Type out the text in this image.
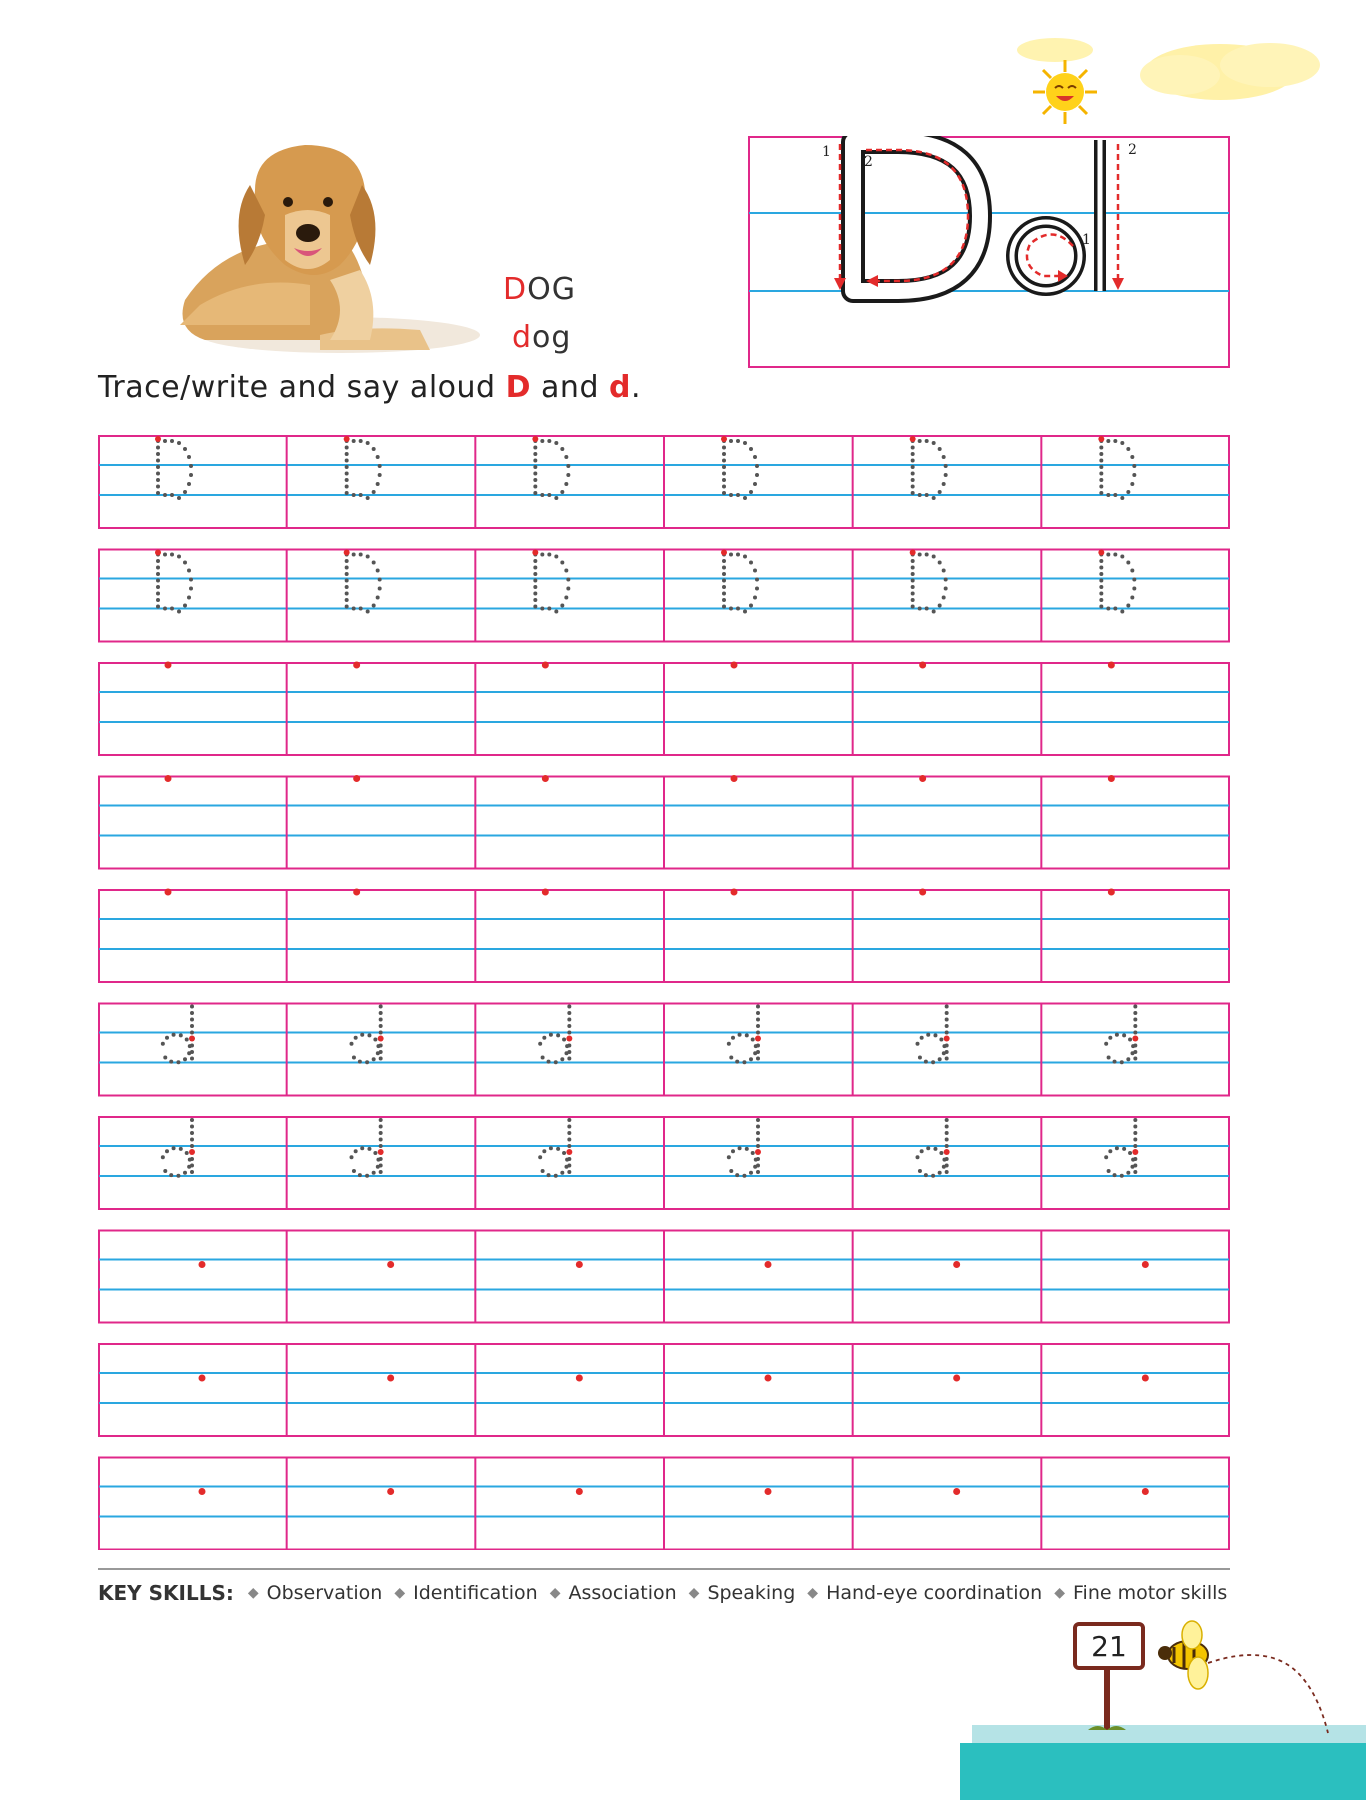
DOG
dog
Trace/write and say aloud D and d.
1
2
1
2
KEY SKILLS: ◆ Observation ◆ Identification ◆ Association ◆ Speaking ◆ Hand-eye coordination ◆ Fine motor skills
21
